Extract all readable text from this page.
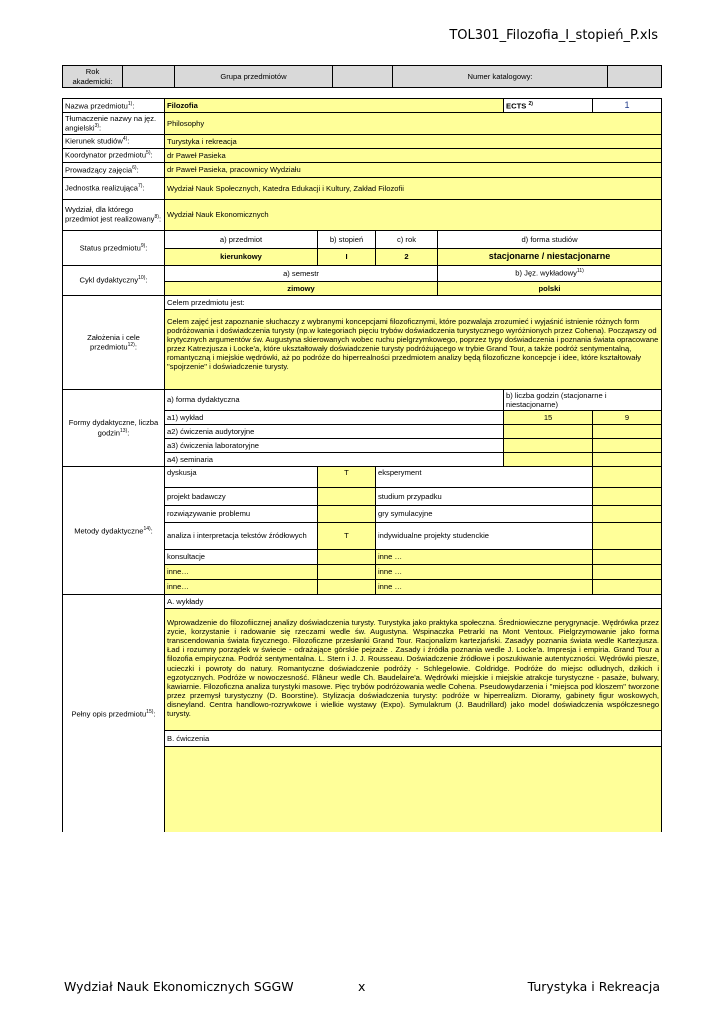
TOL301_Filozofia_I_stopień_P.xls
Rok akademicki:		Grupa przedmiotów		Numer katalogowy:	
Nazwa przedmiotu$^{1)}$:	Filozofia				ECTS $^{2)}$	1
Tłumaczenie nazwy na jęz. angielski$^{3)}$:	Philosophy					
Kierunek studiów$^{4)}$:	Turystyka i rekreacja					
Koordynator przedmiotu$^{5)}$:	dr Paweł Pasieka					
Prowadzący zajęcia$^{6)}$:	dr Paweł Pasieka, pracownicy Wydziału					
Jednostka realizująca$^{7)}$:	Wydział Nauk Społecznych, Katedra Edukacji i Kultury, Zakład Filozofii					
Wydział, dla którego przedmiot jest realizowany$^{8)}$:	Wydział Nauk Ekonomicznych					
Status przedmiotu$^{9)}$:	a) przedmiot	b) stopień	c) rok	d) forma studiów		
	kierunkowy	I	2	stacjonarne / niestacjonarne		
Cykl dydaktyczny$^{10)}$:	a) semestr			b) Jęz. wykładowy$^{11)}$
	zimowy			polski		
Założenia i cele przedmiotu$^{12)}$:	Celem przedmiotu jest:					
	Celem zajęć jest zapoznanie słuchaczy z wybranymi koncepcjami filozoficznymi, które pozwalaja zrozumieć i wyjaśnić istnienie różnych form podróżowania i doświadczenia turysty (np.w kategoriach pięciu trybów doświadczenia turystycznego wyróżnionych przez Cohena). Począwszy od krytycznych argumentów św. Augustyna skierowanych wobec ruchu pielgrzymkowego, poprzez typy doświadczenia i poznania świata opracowane przez Katrezjusza i Locke'a, które ukształtowały doświadczenie turysty podróżującego w trybie Grand Tour, a także podróż sentymentalną, romantyczną i miejskie wędrówki, aż po podróże do hiperrealności przedmiotem analizy będą filozoficzne koncepcje i idee, które kształtowały "spojrzenie" i doświadczenie turysty.					
Formy dydaktyczne, liczba godzin$^{13)}$:	a) forma dydaktyczna				b) liczba godzin (stacjonarne i niestacjonarne)	
	a1) wykład				15	9
	a2) ćwiczenia audytoryjne					
	a3) ćwiczenia laboratoryjne					
	a4) seminaria					
Metody dydaktyczne$^{14)}$:	dyskusja	T	eksperyment			
	projekt badawczy		studium przypadku			
	rozwiązywanie problemu		gry symulacyjne			
	analiza i interpretacja tekstów źródłowych	T	indywidualne projekty studenckie			
	konsultacje		inne …			
	inne…		inne …			
	inne…		inne …			
Pełny opis przedmiotu$^{15)}$:	A. wykłady					
	Wprowadzenie do filozofiicznej analizy doświadczenia turysty. Turystyka jako praktyka społeczna. Średniowieczne perygrynacje. Wędrówka przez zycie, korzystanie i radowanie się rzeczami wedle św. Augustyna. Wspinaczka Petrarki na Mont Ventoux. Pielgrzymowanie jako forma transcendowania świata fizycznego. Filozoficzne przesłanki Grand Tour. Racjonalizm kartezjański. Zasadyy poznania świata wedle Kartezjusza. Ład i rozumny porządek w świecie - odrażające górskie pejzaże . Zasady i źródła poznania wedle J. Locke'a. Impresja i empiria. Grand Tour a filozofia empiryczna. Podróż sentymentalna. L. Stern i J. J. Rousseau. Doświadczenie źródłowe i poszukiwanie autentyczności. Wędrówki piesze, ucieczki i powroty do natury. Romantyczne doświadczenie podróży - Schlegelowie. Coldridge. Podróże do miejsc odludnych, dzikich i egzotycznych. Podróże w nowoczesność. Flâneur wedle Ch. Baudelaire'a. Wędrówki miejskie i miejskie atrakcje turystyczne - pasaże, bulwary, kawiarnie. Filozoficzna analiza turystyki masowe. Pięc trybów podróżowania wedle Cohena. Pseudowydarzenia i "miejsca pod kloszem" tworzone przez przemysł turystyczny (D. Boorstine). Stylizacja doświadczenia turysty: podróże w hiperrealizm. Dioramy, gabinety figur woskowych, disneyland. Centra handlowo-rozrywkowe i wielkie wystawy (Expo). Symulakrum (J. Baudrillard) jako model doświadczenia współczesnego turysty.					
	B. ćwiczenia					

Wydział Nauk Ekonomicznych SGGW	x	Turystyka i Rekreacja
